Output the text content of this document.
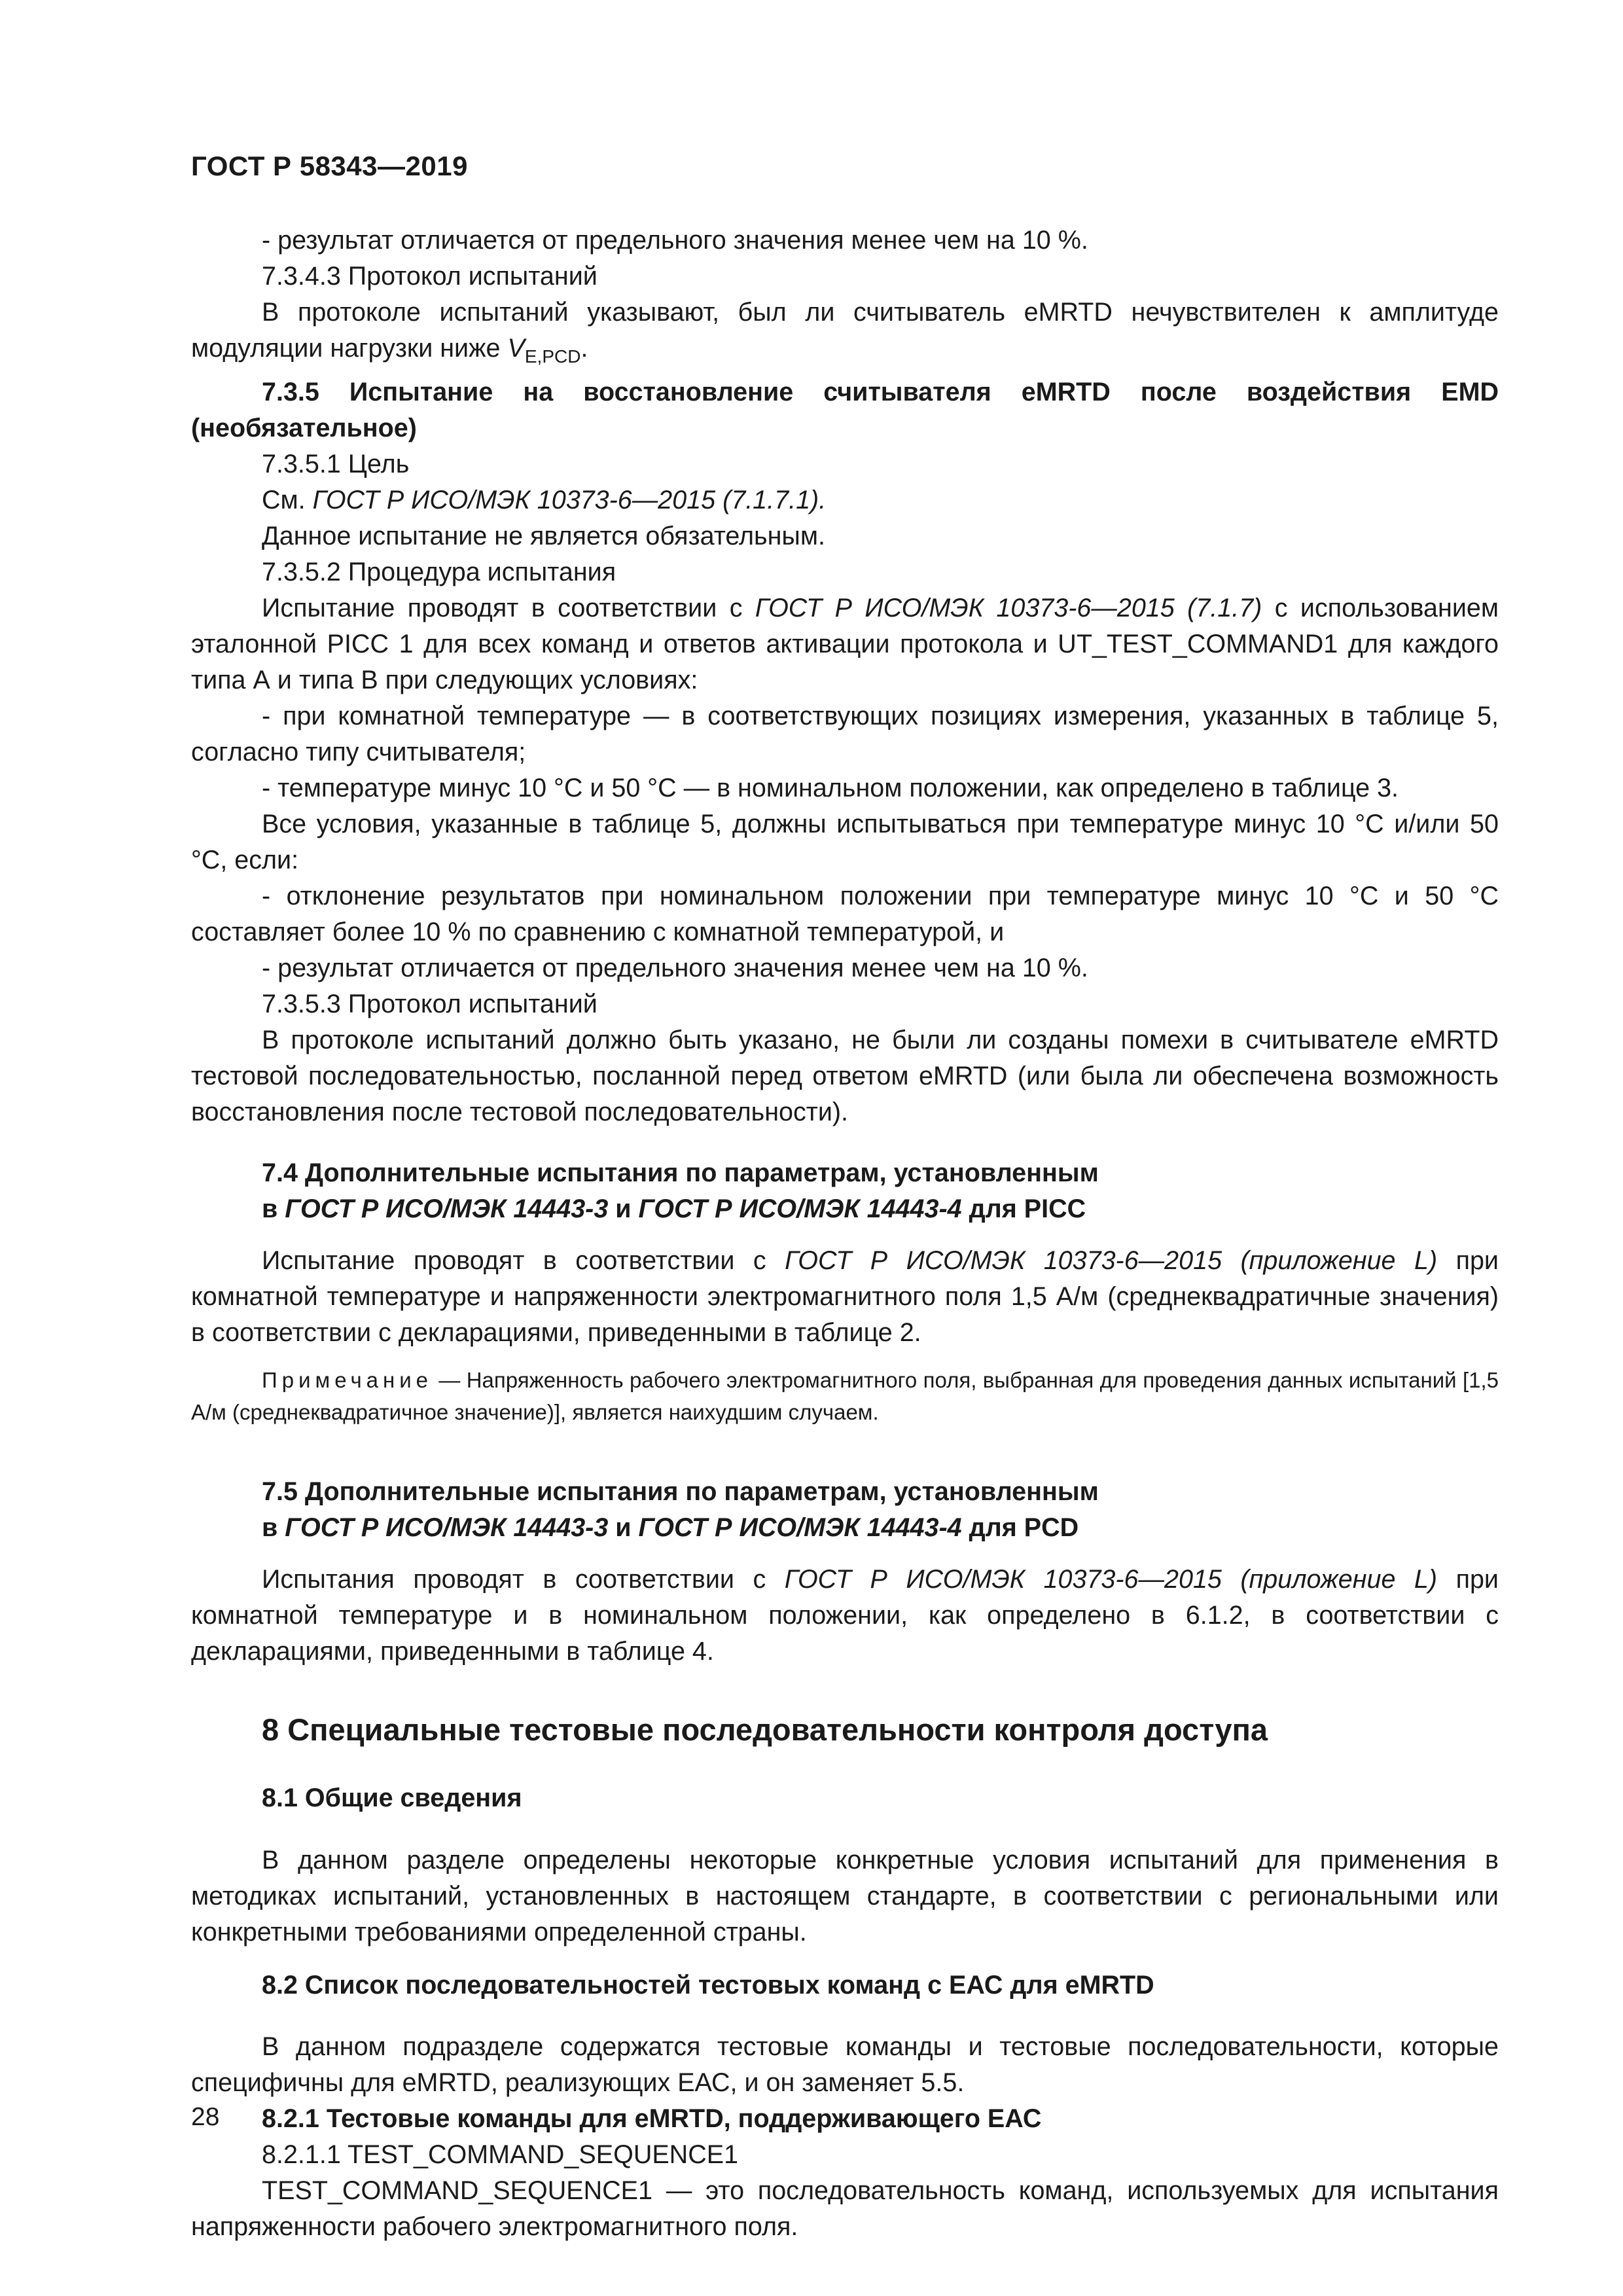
ГОСТ Р 58343—2019

- результат отличается от предельного значения менее чем на 10 %.

7.3.4.3 Протокол испытаний

В протоколе испытаний указывают, был ли считыватель eMRTD нечувствителен к амплитуде модуляции нагрузки ниже $V_{E,PCD}$.

7.3.5 Испытание на восстановление считывателя eMRTD после воздействия EMD (необязательное)

7.3.5.1 Цель

См. ГОСТ Р ИСО/МЭК 10373-6—2015 (7.1.7.1).

Данное испытание не является обязательным.

7.3.5.2 Процедура испытания

Испытание проводят в соответствии с ГОСТ Р ИСО/МЭК 10373-6—2015 (7.1.7) с использованием эталонной PICC 1 для всех команд и ответов активации протокола и UT_TEST_COMMAND1 для каждого типа А и типа В при следующих условиях:

- при комнатной температуре — в соответствующих позициях измерения, указанных в таблице 5, согласно типу считывателя;

- температуре минус 10 °С и 50 °С — в номинальном положении, как определено в таблице 3.

Все условия, указанные в таблице 5, должны испытываться при температуре минус 10 °С и/или 50 °С, если:

- отклонение результатов при номинальном положении при температуре минус 10 °С и 50 °С составляет более 10 % по сравнению с комнатной температурой, и

- результат отличается от предельного значения менее чем на 10 %.

7.3.5.3 Протокол испытаний

В протоколе испытаний должно быть указано, не были ли созданы помехи в считывателе eMRTD тестовой последовательностью, посланной перед ответом eMRTD (или была ли обеспечена возможность восстановления после тестовой последовательности).

7.4 Дополнительные испытания по параметрам, установленным

в ГОСТ Р ИСО/МЭК 14443-3 и ГОСТ Р ИСО/МЭК 14443-4 для PICC

Испытание проводят в соответствии с ГОСТ Р ИСО/МЭК 10373-6—2015 (приложение L) при комнатной температуре и напряженности электромагнитного поля 1,5 А/м (среднеквадратичные значения) в соответствии с декларациями, приведенными в таблице 2.

Примечание — Напряженность рабочего электромагнитного поля, выбранная для проведения данных испытаний [1,5 А/м (среднеквадратичное значение)], является наихудшим случаем.

7.5 Дополнительные испытания по параметрам, установленным

в ГОСТ Р ИСО/МЭК 14443-3 и ГОСТ Р ИСО/МЭК 14443-4 для PCD

Испытания проводят в соответствии с ГОСТ Р ИСО/МЭК 10373-6—2015 (приложение L) при комнатной температуре и в номинальном положении, как определено в 6.1.2, в соответствии с декларациями, приведенными в таблице 4.

8 Специальные тестовые последовательности контроля доступа

8.1 Общие сведения

В данном разделе определены некоторые конкретные условия испытаний для применения в методиках испытаний, установленных в настоящем стандарте, в соответствии с региональными или конкретными требованиями определенной страны.

8.2 Список последовательностей тестовых команд с ЕАС для eMRTD

В данном подразделе содержатся тестовые команды и тестовые последовательности, которые специфичны для eMRTD, реализующих ЕАС, и он заменяет 5.5.

8.2.1 Тестовые команды для eMRTD, поддерживающего ЕАС

8.2.1.1 TEST_COMMAND_SEQUENCE1

TEST_COMMAND_SEQUENCE1 — это последовательность команд, используемых для испытания напряженности рабочего электромагнитного поля.

28
